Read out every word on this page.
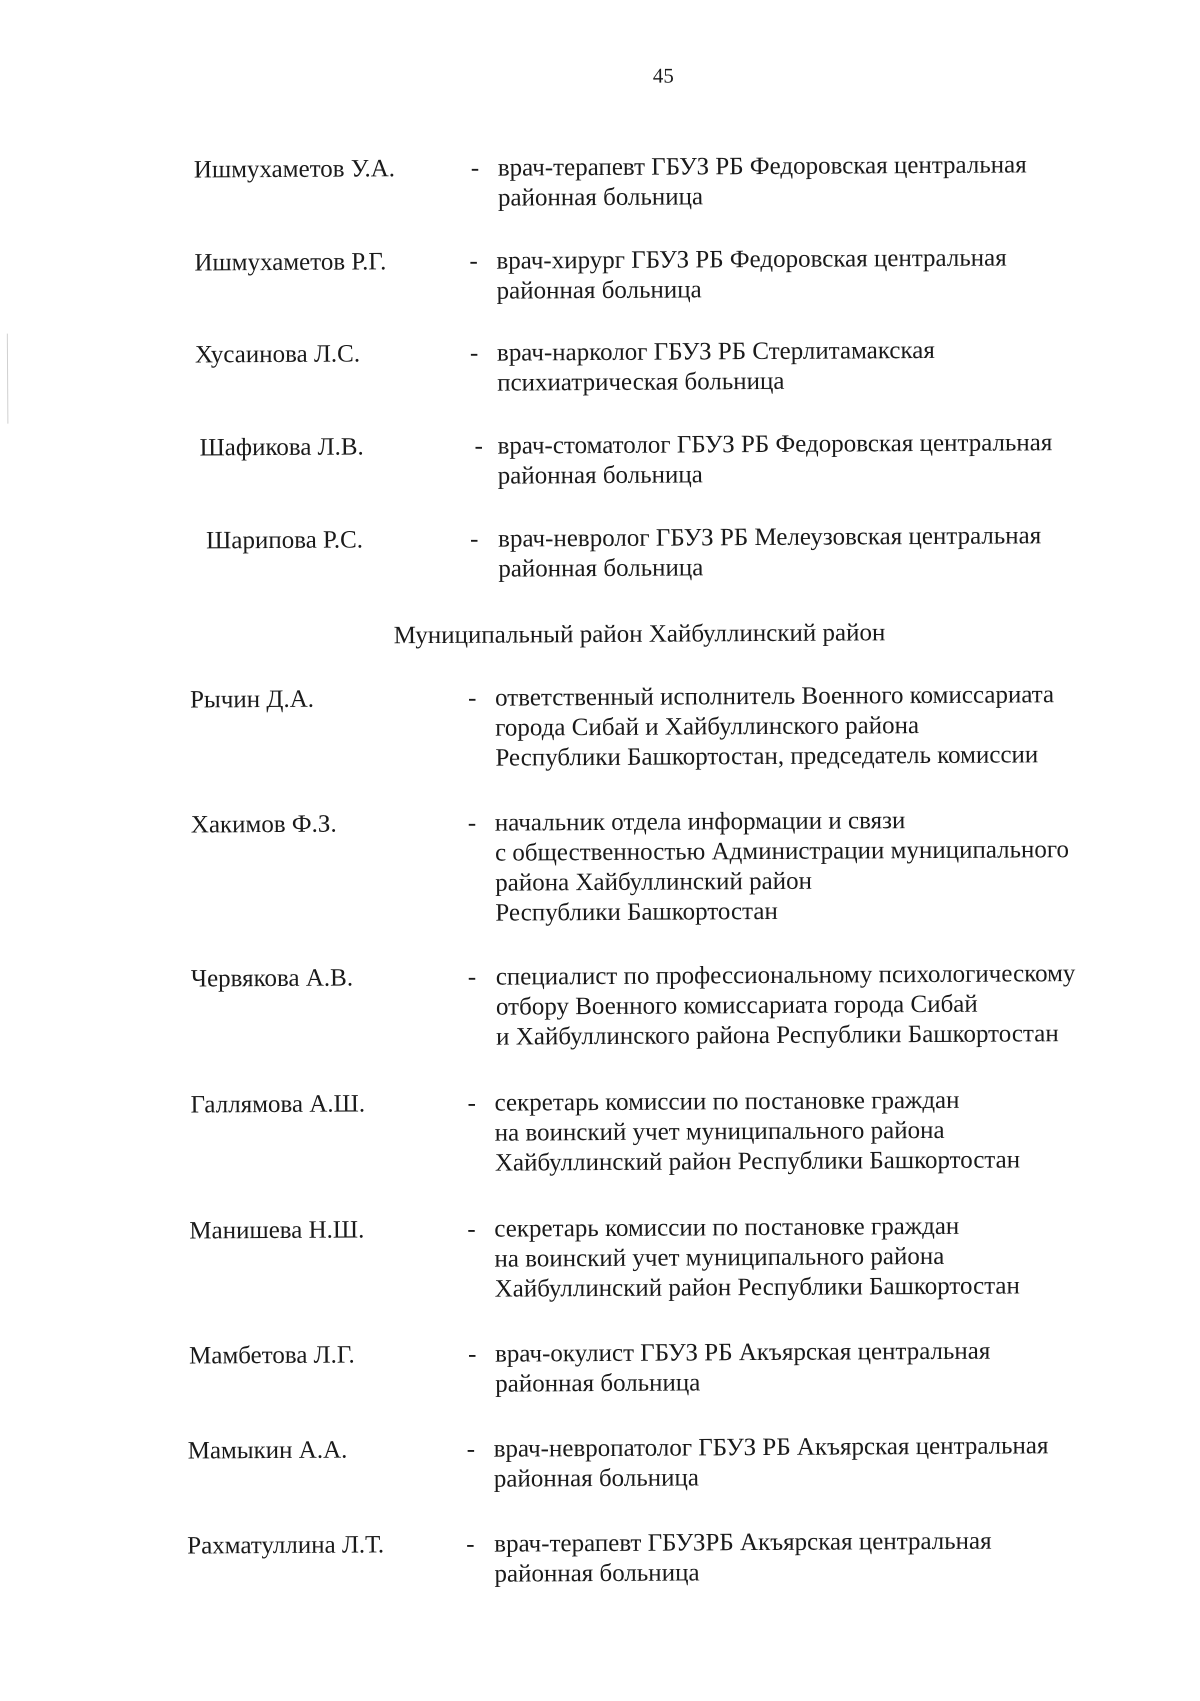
45
Ишмухаметов У.А.	- врач-терапевт ГБУЗ РБ Федоровская центральная
районная больница
Ишмухаметов Р.Г.	- врач-хирург ГБУЗ РБ Федоровская центральная
районная больница
Хусаинова Л.С.	- врач-нарколог ГБУЗ РБ Стерлитамакская
психиатрическая больница
Шафикова Л.В.	- врач-стоматолог ГБУЗ РБ Федоровская центральная
районная больница
Шарипова Р.С.	- врач-невролог ГБУЗ РБ Мелеузовская центральная
районная больница
Муниципальный район Хайбуллинский район
Рычин Д.А.	- ответственный исполнитель Военного комиссариата
города Сибай и Хайбуллинского района
Республики Башкортостан, председатель комиссии
Хакимов Ф.З.	- начальник отдела информации и связи
с общественностью Администрации муниципального
района Хайбуллинский район
Республики Башкортостан
Червякова А.В.	- специалист по профессиональному психологическому
отбору Военного комиссариата города Сибай
и Хайбуллинского района Республики Башкортостан
Галлямова А.Ш.	- секретарь комиссии по постановке граждан
на воинский учет муниципального района
Хайбуллинский район Республики Башкортостан
Манишева Н.Ш.	- секретарь комиссии по постановке граждан
на воинский учет муниципального района
Хайбуллинский район Республики Башкортостан
Мамбетова Л.Г.	- врач-окулист ГБУЗ РБ Акъярская центральная
районная больница
Мамыкин А.А.	- врач-невропатолог ГБУЗ РБ Акъярская центральная
районная больница
Рахматуллина Л.Т.	- врач-терапевт ГБУЗРБ Акъярская центральная
районная больница
